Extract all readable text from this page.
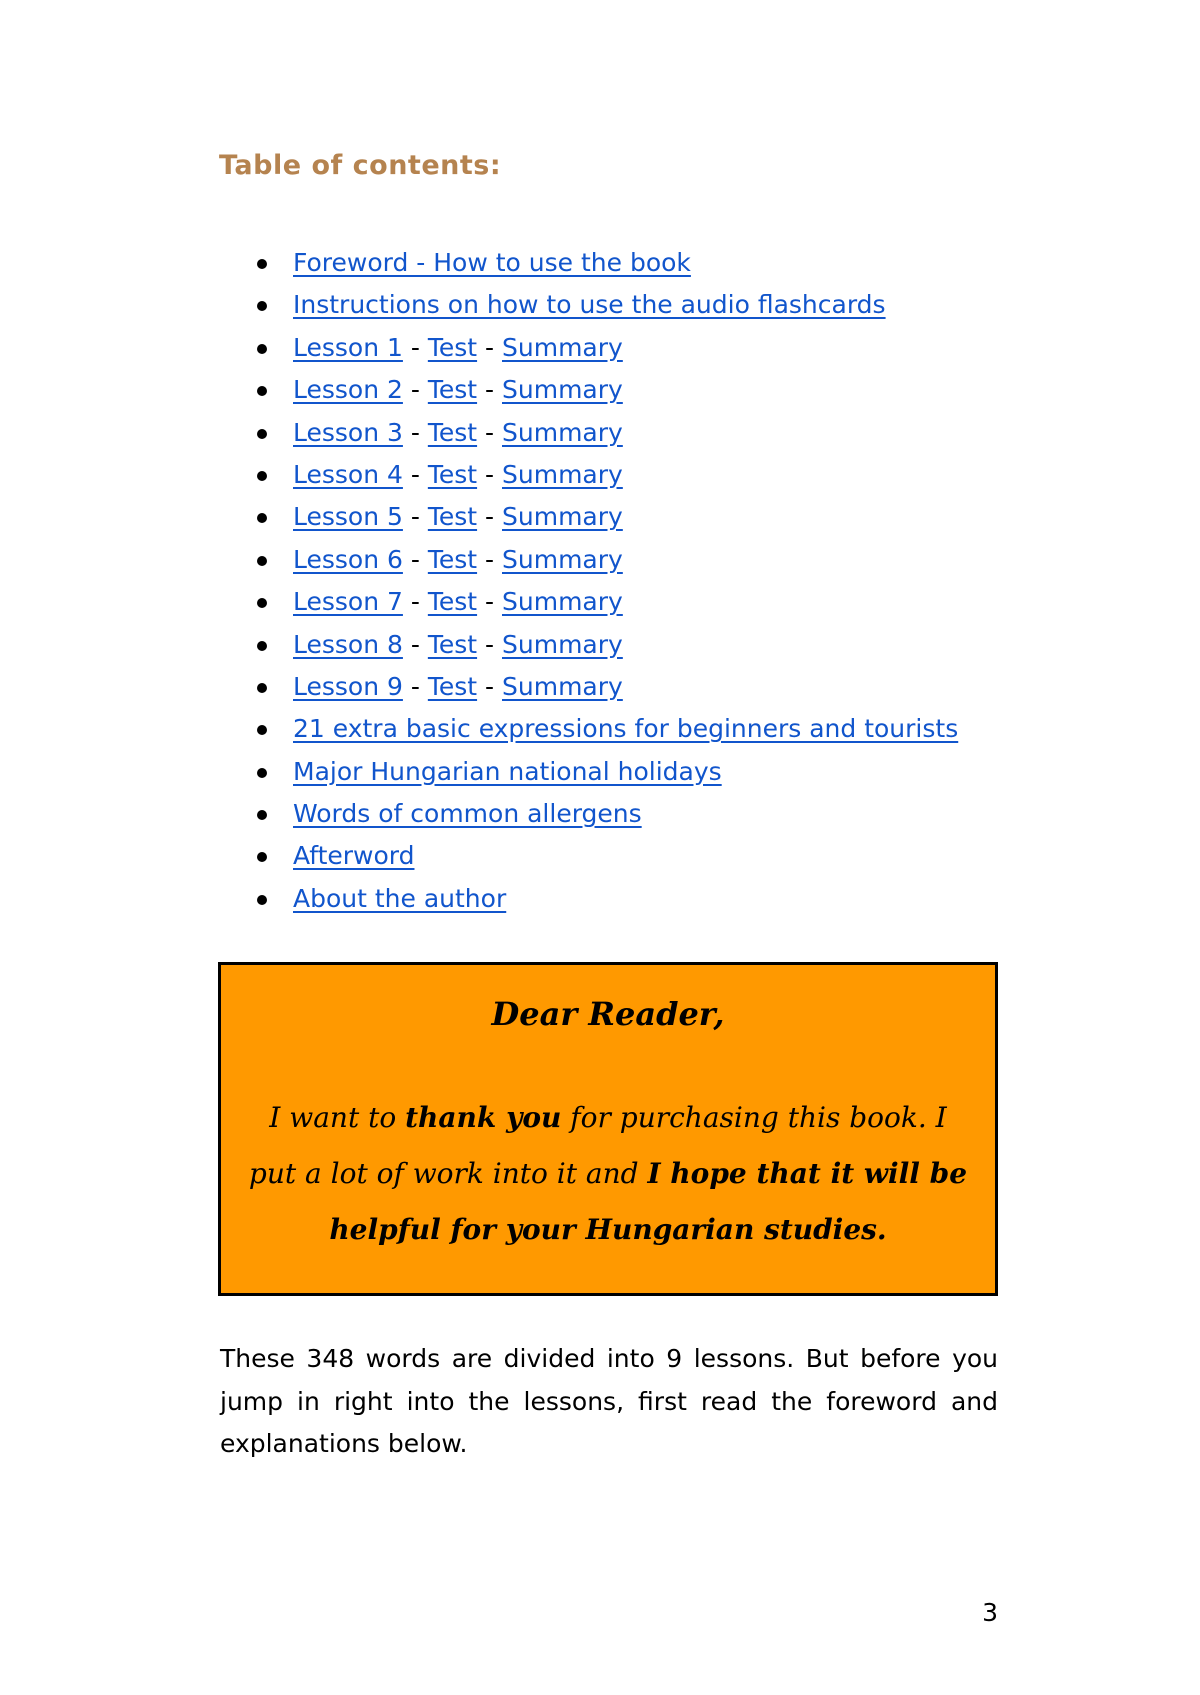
Table of contents:
Foreword - How to use the book
Instructions on how to use the audio flashcards
Lesson 1 - Test - Summary
Lesson 2 - Test - Summary
Lesson 3 - Test - Summary
Lesson 4 - Test - Summary
Lesson 5 - Test - Summary
Lesson 6 - Test - Summary
Lesson 7 - Test - Summary
Lesson 8 - Test - Summary
Lesson 9 - Test - Summary
21 extra basic expressions for beginners and tourists
Major Hungarian national holidays
Words of common allergens
Afterword
About the author

Dear Reader,

I want to thank you for purchasing this book. I put a lot of work into it and I hope that it will be helpful for your Hungarian studies.

These 348 words are divided into 9 lessons. But before you jump in right into the lessons, first read the foreword and explanations below.

3
